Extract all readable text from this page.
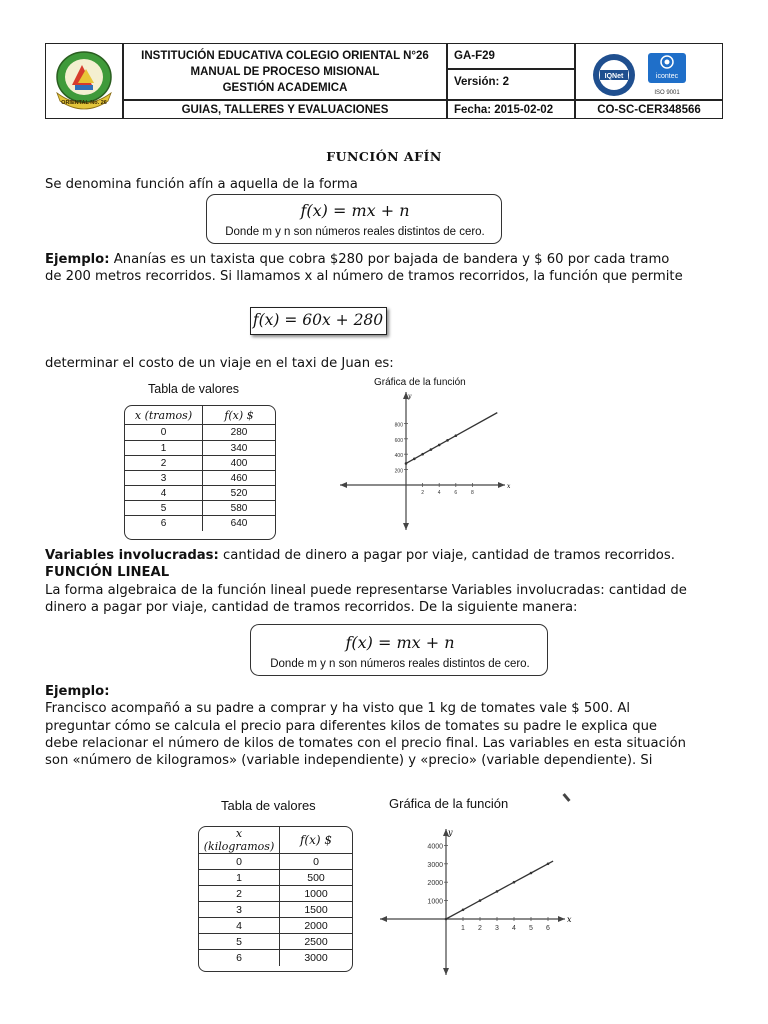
ORIENTAL No. 26
INSTITUCIÓN EDUCATIVA COLEGIO ORIENTAL N°26
MANUAL DE PROCESO MISIONAL
GESTIÓN ACADEMICA
GUIAS, TALLERES Y EVALUACIONES
GA-F29
Versión: 2
Fecha: 2015-02-02	CO-SC-CER348566
IQNet	icontec
ISO 9001
FUNCIÓN AFÍN
Se denomina función afín a aquella de la forma
f(x) = mx + n
Donde m y n son números reales distintos de cero.
Ejemplo: Ananías es un taxista que cobra $280 por bajada de bandera y $ 60 por cada tramo
de 200 metros recorridos. Si llamamos x al número de tramos recorridos, la función que permite
f(x) = 60x + 280
determinar el costo de un viaje en el taxi de Juan es:
Tabla de valores
x (tramos)	f(x) $
0	280
1	340
2	400
3	460
4	520
5	580
6	640
Gráfica de la función
x
y
800
600
400
200
2	4	6	8
Variables involucradas: cantidad de dinero a pagar por viaje, cantidad de tramos recorridos.
FUNCIÓN LINEAL
La forma algebraica de la función lineal puede representarse Variables involucradas: cantidad de
dinero a pagar por viaje, cantidad de tramos recorridos. De la siguiente manera:
f(x) = mx + n
Donde m y n son números reales distintos de cero.
Ejemplo:
Francisco acompañó a su padre a comprar y ha visto que 1 kg de tomates vale $ 500. Al
preguntar cómo se calcula el precio para diferentes kilos de tomates su padre le explica que
debe relacionar el número de kilos de tomates con el precio final. Las variables en esta situación
son «número de kilogramos» (variable independiente) y «precio» (variable dependiente). Si
Tabla de valores
x (kilogramos)	f(x) $
0	0
1	500
2	1000
3	1500
4	2000
5	2500
6	3000
Gráfica de la función
x
y
4000
3000
2000
1000
1 2 3 4 5 6
